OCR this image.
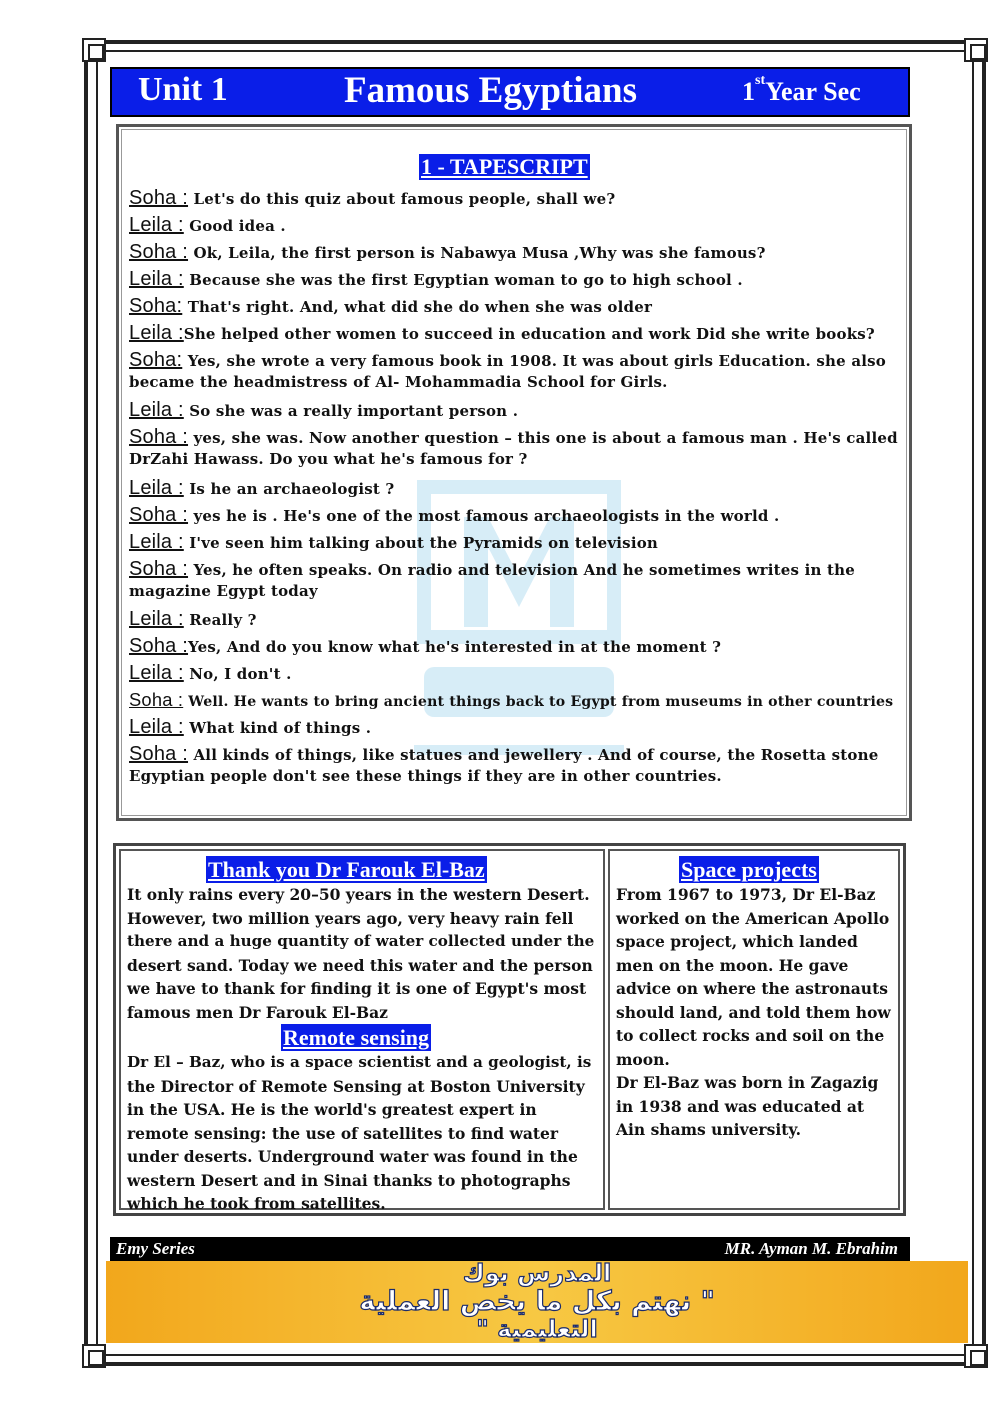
Unit 1	Famous Egyptians	1stYear Sec
1 - TAPESCRIPT
Soha : Let's do this quiz about famous people, shall we?
Leila : Good idea .
Soha : Ok, Leila, the first person is Nabawya Musa ,Why was she famous?
Leila : Because she was the first Egyptian woman to go to high school .
Soha: That's right. And, what did she do when she was older
Leila :She helped other women to succeed in education and work Did she write books?
Soha: Yes, she wrote a very famous book in 1908. It was about girls Education. she also
became the headmistress of Al- Mohammadia School for Girls.
Leila : So she was a really important person .
Soha : yes, she was. Now another question – this one is about a famous man . He's called
DrZahi Hawass. Do you what he's famous for ?
Leila : Is he an archaeologist ?
Soha : yes he is . He's one of the most famous archaeologists in the world .
Leila : I've seen him talking about the Pyramids on television
Soha : Yes, he often speaks. On radio and television And he sometimes writes in the
magazine Egypt today
Leila : Really ?
Soha :Yes, And do you know what he's interested in at the moment ?
Leila : No, I don't .
Soha : Well. He wants to bring ancient things back to Egypt from museums in other countries
Leila : What kind of things .
Soha : All kinds of things, like statues and jewellery . And of course, the Rosetta stone
Egyptian people don't see these things if they are in other countries.
Thank you Dr Farouk El-Baz
It only rains every 20–50 years in the western Desert.
However, two million years ago, very heavy rain fell
there and a huge quantity of water collected under the
desert sand. Today we need this water and the person
we have to thank for finding it is one of Egypt's most
famous men Dr Farouk El-Baz
Remote sensing
Dr El – Baz, who is a space scientist and a geologist, is
the Director of Remote Sensing at Boston University
in the USA. He is the world's greatest expert in
remote sensing: the use of satellites to find water
under deserts. Underground water was found in the
western Desert and in Sinai thanks to photographs
which he took from satellites.
Space projects
From 1967 to 1973, Dr El-Baz
worked on the American Apollo
space project, which landed
men on the moon. He gave
advice on where the astronauts
should land, and told them how
to collect rocks and soil on the
moon.
Dr El-Baz was born in Zagazig
in 1938 and was educated at
Ain shams university.
Emy Series	MR. Ayman M. Ebrahim
المدرس بوك
" نهتم بكل ما يخص العملية
التعليمية "
